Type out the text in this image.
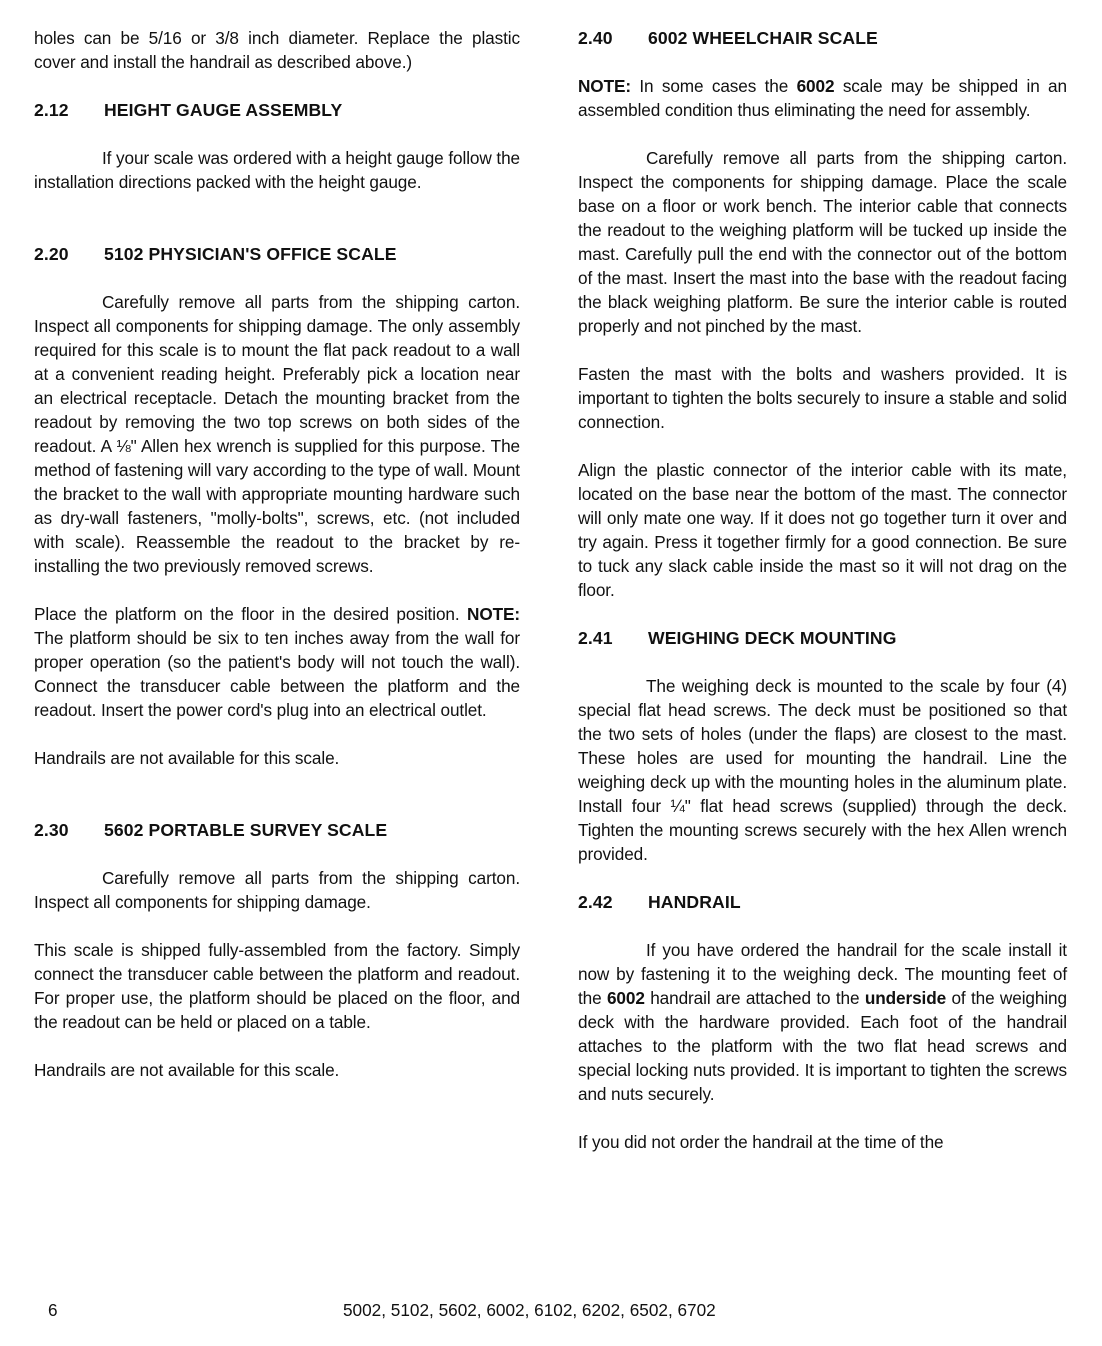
holes can be 5/16 or 3/8 inch diameter. Replace the plastic cover and install the handrail as described above.)

2.12 HEIGHT GAUGE ASSEMBLY

If your scale was ordered with a height gauge follow the installation directions packed with the height gauge.

2.20 5102 PHYSICIAN'S OFFICE SCALE

Carefully remove all parts from the shipping carton. Inspect all components for shipping damage. The only assembly required for this scale is to mount the flat pack readout to a wall at a convenient reading height. Preferably pick a location near an electrical receptacle. Detach the mounting bracket from the readout by removing the two top screws on both sides of the readout. A ⅛" Allen hex wrench is supplied for this purpose. The method of fastening will vary according to the type of wall. Mount the bracket to the wall with appropriate mounting hardware such as dry-wall fasteners, "molly-bolts", screws, etc. (not included with scale). Reassemble the readout to the bracket by re-installing the two previously removed screws.

Place the platform on the floor in the desired position. NOTE: The platform should be six to ten inches away from the wall for proper operation (so the patient's body will not touch the wall). Connect the transducer cable between the platform and the readout. Insert the power cord's plug into an electrical outlet.

Handrails are not available for this scale.

2.30 5602 PORTABLE SURVEY SCALE

Carefully remove all parts from the shipping carton. Inspect all components for shipping damage.

This scale is shipped fully-assembled from the factory. Simply connect the transducer cable between the platform and readout. For proper use, the platform should be placed on the floor, and the readout can be held or placed on a table.

Handrails are not available for this scale.

2.40 6002 WHEELCHAIR SCALE

NOTE: In some cases the 6002 scale may be shipped in an assembled condition thus eliminating the need for assembly.

Carefully remove all parts from the shipping carton. Inspect the components for shipping damage. Place the scale base on a floor or work bench. The interior cable that connects the readout to the weighing platform will be tucked up inside the mast. Carefully pull the end with the connector out of the bottom of the mast. Insert the mast into the base with the readout facing the black weighing platform. Be sure the interior cable is routed properly and not pinched by the mast.

Fasten the mast with the bolts and washers provided. It is important to tighten the bolts securely to insure a stable and solid connection.

Align the plastic connector of the interior cable with its mate, located on the base near the bottom of the mast. The connector will only mate one way. If it does not go together turn it over and try again. Press it together firmly for a good connection. Be sure to tuck any slack cable inside the mast so it will not drag on the floor.

2.41 WEIGHING DECK MOUNTING

The weighing deck is mounted to the scale by four (4) special flat head screws. The deck must be positioned so that the two sets of holes (under the flaps) are closest to the mast. These holes are used for mounting the handrail. Line the weighing deck up with the mounting holes in the aluminum plate. Install four ¼" flat head screws (supplied) through the deck. Tighten the mounting screws securely with the hex Allen wrench provided.

2.42 HANDRAIL

If you have ordered the handrail for the scale install it now by fastening it to the weighing deck. The mounting feet of the 6002 handrail are attached to the underside of the weighing deck with the hardware provided. Each foot of the handrail attaches to the platform with the two flat head screws and special locking nuts provided. It is important to tighten the screws and nuts securely.

If you did not order the handrail at the time of the

6	5002, 5102, 5602, 6002, 6102, 6202, 6502, 6702
